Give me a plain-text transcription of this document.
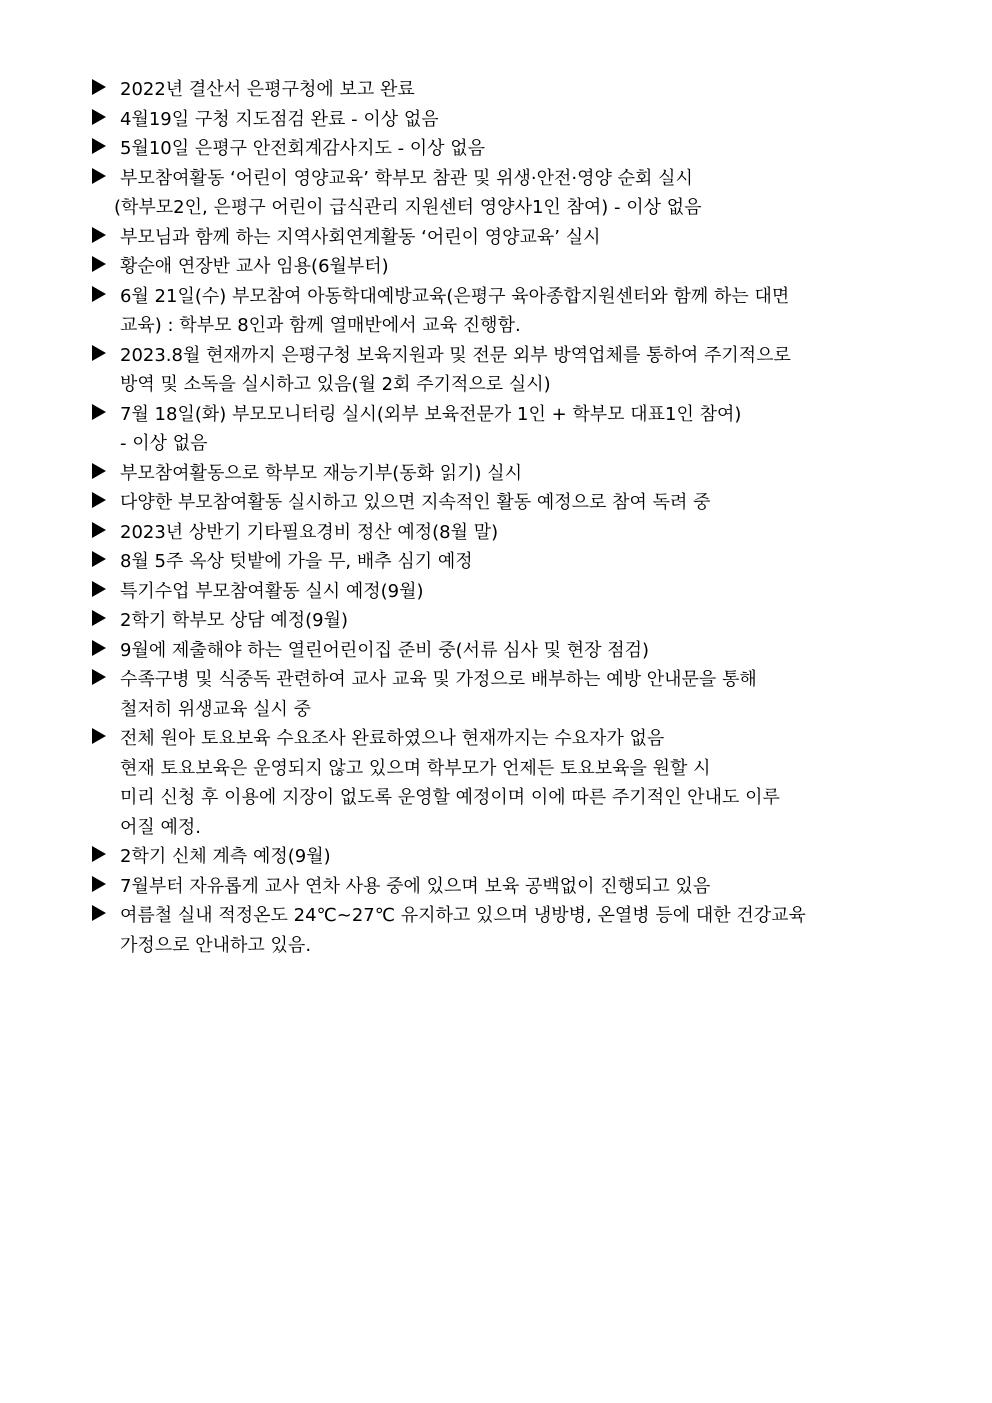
2022년 결산서 은평구청에 보고 완료
4월19일 구청 지도점검 완료 - 이상 없음
5월10일 은평구 안전회계감사지도 - 이상 없음
부모참여활동 ‘어린이 영양교육’ 학부모 참관 및 위생·안전·영양 순회 실시
(학부모2인, 은평구 어린이 급식관리 지원센터 영양사1인 참여) - 이상 없음
부모님과 함께 하는 지역사회연계활동 ‘어린이 영양교육’ 실시
황순애 연장반 교사 임용(6월부터)
6월 21일(수) 부모참여 아동학대예방교육(은평구 육아종합지원센터와 함께 하는 대면
교육) : 학부모 8인과 함께 열매반에서 교육 진행함.
2023.8월 현재까지 은평구청 보육지원과 및 전문 외부 방역업체를 통하여 주기적으로
방역 및 소독을 실시하고 있음(월 2회 주기적으로 실시)
7월 18일(화) 부모모니터링 실시(외부 보육전문가 1인 + 학부모 대표1인 참여)
- 이상 없음
부모참여활동으로 학부모 재능기부(동화 읽기) 실시
다양한 부모참여활동 실시하고 있으면 지속적인 활동 예정으로 참여 독려 중
2023년 상반기 기타필요경비 정산 예정(8월 말)
8월 5주 옥상 텃밭에 가을 무, 배추 심기 예정
특기수업 부모참여활동 실시 예정(9월)
2학기 학부모 상담 예정(9월)
9월에 제출해야 하는 열린어린이집 준비 중(서류 심사 및 현장 점검)
수족구병 및 식중독 관련하여 교사 교육 및 가정으로 배부하는 예방 안내문을 통해
철저히 위생교육 실시 중
전체 원아 토요보육 수요조사 완료하였으나 현재까지는 수요자가 없음
현재 토요보육은 운영되지 않고 있으며 학부모가 언제든 토요보육을 원할 시
미리 신청 후 이용에 지장이 없도록 운영할 예정이며 이에 따른 주기적인 안내도 이루
어질 예정.
2학기 신체 계측 예정(9월)
7월부터 자유롭게 교사 연차 사용 중에 있으며 보육 공백없이 진행되고 있음
여름철 실내 적정온도 24℃~27℃ 유지하고 있으며 냉방병, 온열병 등에 대한 건강교육
가정으로 안내하고 있음.
